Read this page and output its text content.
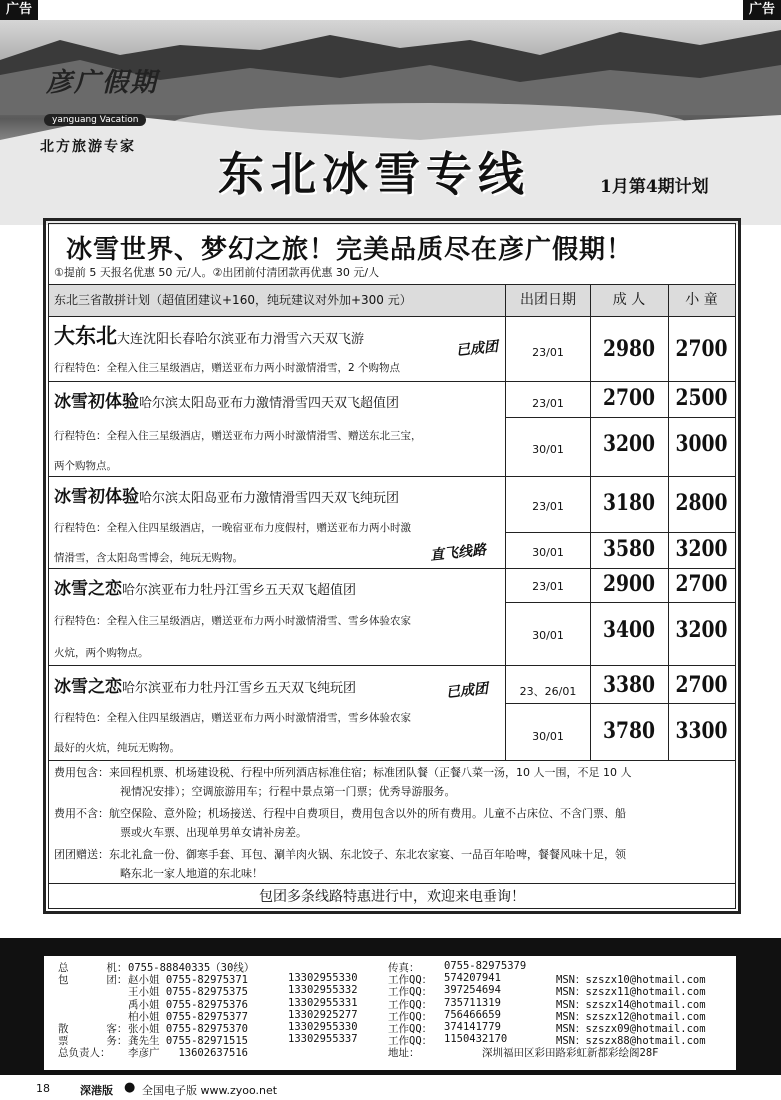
广告	广告
彦广假期
yanguang Vacation
北方旅游专家 东北冰雪专线	1月第4期计划
冰雪世界、梦幻之旅！完美品质尽在彦广假期！
①提前 5 天报名优惠 50 元/人。②出团前付清团款再优惠 30 元/人
东北三省散拼计划（超值团建议+160，纯玩建议对外加+300 元）	出团日期	成 人	小 童
大东北大连沈阳长春哈尔滨亚布力滑雪六天双飞游	已成团
行程特色：全程入住三星级酒店，赠送亚布力两小时激情滑雪，2 个购物点
23/01	2980 2700
冰雪初体验哈尔滨太阳岛亚布力激情滑雪四天双飞超值团
行程特色：全程入住三星级酒店，赠送亚布力两小时激情滑雪、赠送东北三宝，
两个购物点。
23/01	2700 2500
30/01	3200 3000
冰雪初体验哈尔滨太阳岛亚布力激情滑雪四天双飞纯玩团
行程特色：全程入住四星级酒店，一晚宿亚布力度假村，赠送亚布力两小时激
情滑雪，含太阳岛雪博会，纯玩无购物。	直飞线路
23/01	3180 2800
30/01	3580 3200
冰雪之恋哈尔滨亚布力牡丹江雪乡五天双飞超值团
行程特色：全程入住三星级酒店，赠送亚布力两小时激情滑雪、雪乡体验农家
火炕，两个购物点。
23/01	2900 2700
30/01	3400 3200
冰雪之恋哈尔滨亚布力牡丹江雪乡五天双飞纯玩团	已成团
行程特色：全程入住四星级酒店，赠送亚布力两小时激情滑雪，雪乡体验农家
最好的火炕，纯玩无购物。
23、26/01	3380 2700
30/01	3780 3300
费用包含：来回程机票、机场建设税、行程中所列酒店标准住宿；标准团队餐（正餐八菜一汤，10 人一围，不足 10 人
视情况安排）；空调旅游用车；行程中景点第一门票；优秀导游服务。
费用不含：航空保险、意外险；机场接送、行程中自费项目，费用包含以外的所有费用。儿童不占床位、不含门票、船
票或火车票、出现单男单女请补房差。
团团赠送：东北礼盒一份、御寒手套、耳包、涮羊肉火锅、东北饺子、东北农家宴、一品百年哈啤，餐餐风味十足，领
略东北一家人地道的东北味！
包团多条线路特惠进行中，欢迎来电垂询！
总      机： 0755-88840335（30线）	传真： 0755-82975379
包      团： 赵小姐 0755-82975371	13302955330	工作QQ： 574207941	MSN：szszx10@hotmail.com
王小姐 0755-82975375	13302955332	工作QQ： 397254694	MSN：szszx11@hotmail.com
禹小姐 0755-82975376	13302955331	工作QQ： 735711319	MSN：szszx14@hotmail.com
柏小姐 0755-82975377	13302925277	工作QQ： 756466659	MSN：szszx12@hotmail.com
散      客： 张小姐 0755-82975370	13302955330	工作QQ： 374141779	MSN：szszx09@hotmail.com
票      务： 龚先生 0755-82971515	13302955337	工作QQ： 1150432170	MSN：szszx88@hotmail.com
总负责人： 李彦广   13602637516	地址：	深圳福田区彩田路彩虹新都彩绘阁28F
18	深港版 ● 全国电子版 www.zyoo.net
